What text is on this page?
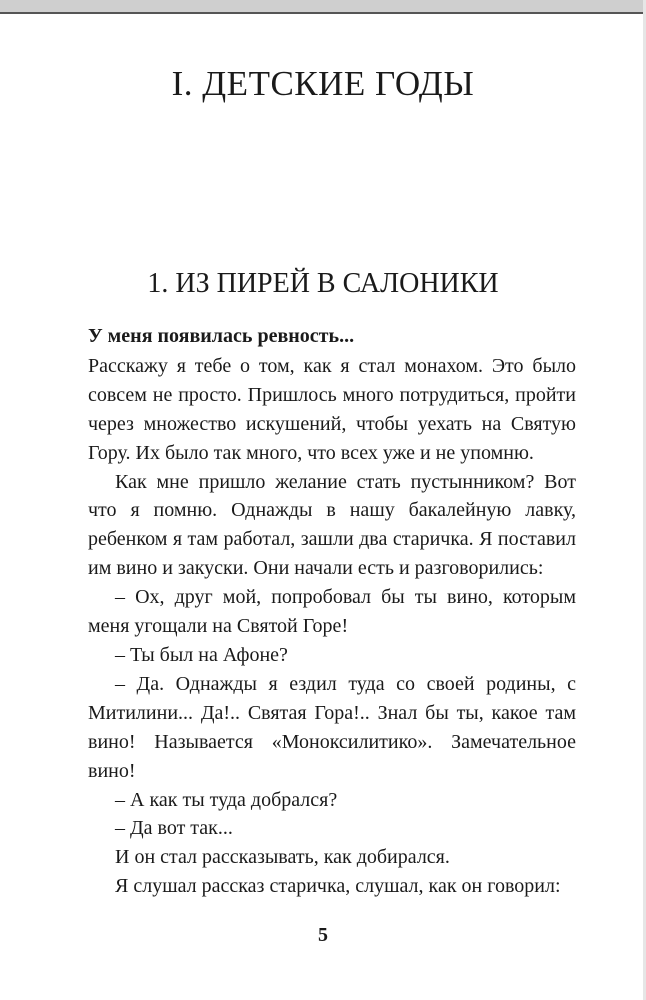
I. ДЕТСКИЕ ГОДЫ
1. ИЗ ПИРЕЙ В САЛОНИКИ

У меня появилась ревность...

Расскажу я тебе о том, как я стал монахом. Это было совсем не просто. Пришлось много потрудиться, пройти через множество искушений, чтобы уехать на Святую Гору. Их было так много, что всех уже и не упомню.

Как мне пришло желание стать пустынником? Вот что я помню. Однажды в нашу бакалейную лавку, ребенком я там работал, зашли два старичка. Я поставил им вино и закуски. Они начали есть и разговорились:

– Ох, друг мой, попробовал бы ты вино, которым меня угощали на Святой Горе!

– Ты был на Афоне?

– Да. Однажды я ездил туда со своей родины, с Митилини... Да!.. Святая Гора!.. Знал бы ты, какое там вино! Называется «Моноксилитико». Замечательное вино!

– А как ты туда добрался?

– Да вот так...

И он стал рассказывать, как добирался.

Я слушал рассказ старичка, слушал, как он говорил:

5
